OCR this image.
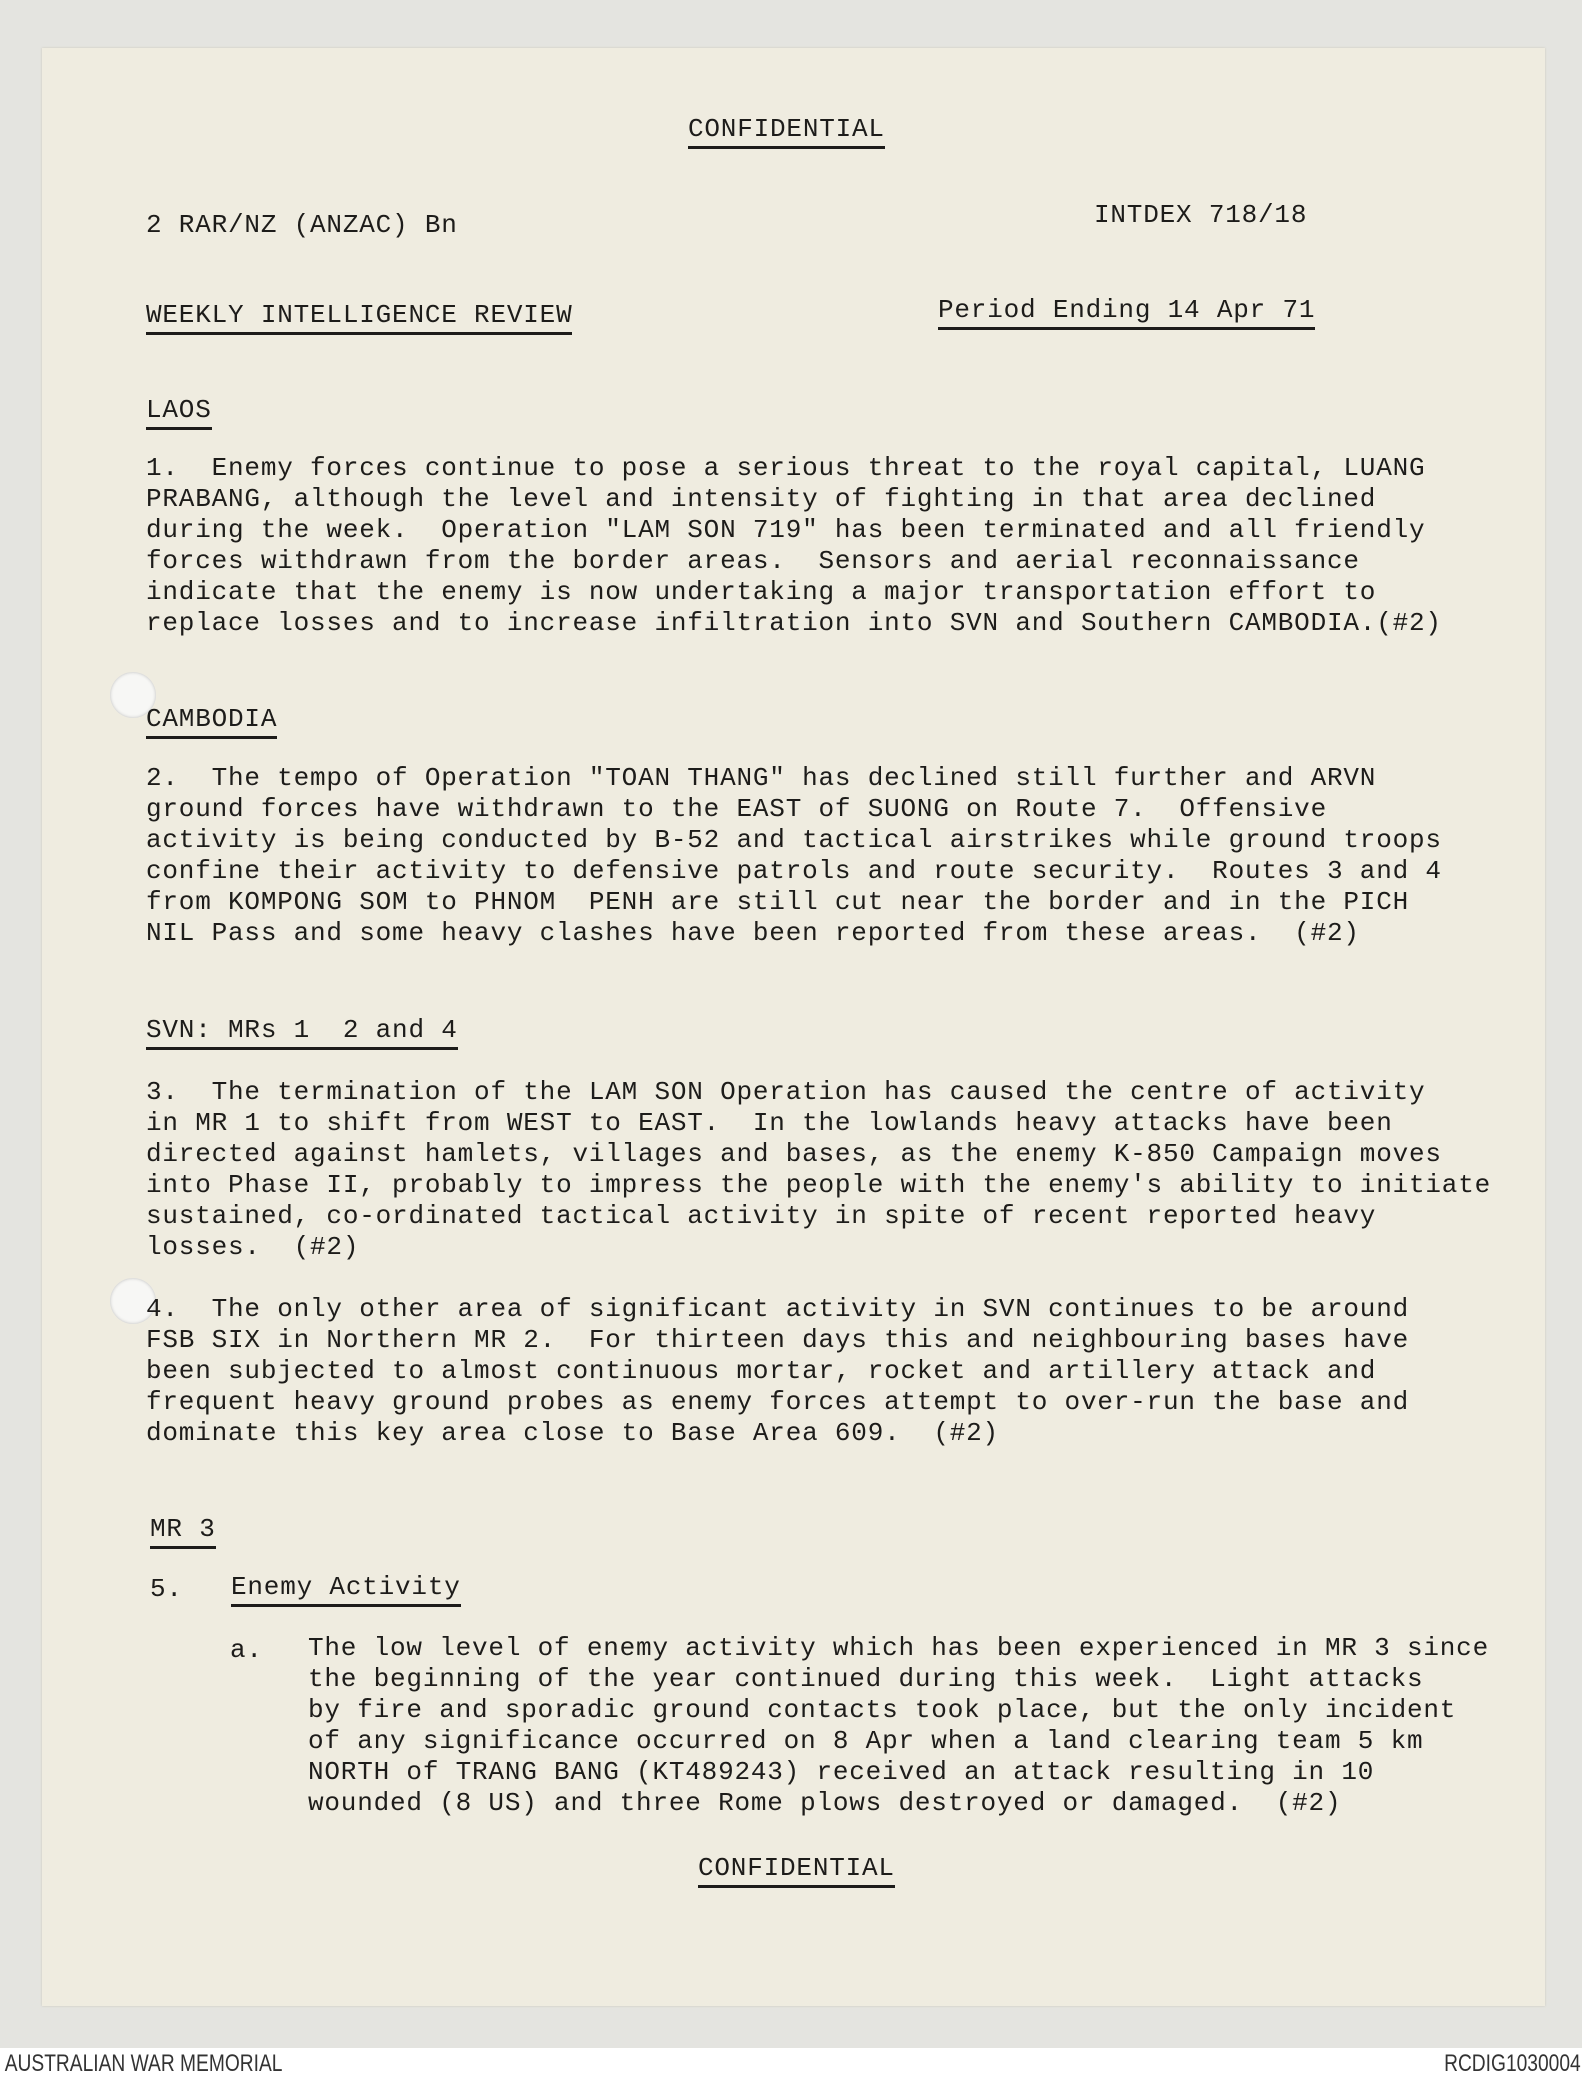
CONFIDENTIAL
2 RAR/NZ (ANZAC) Bn	INTDEX 718/18
WEEKLY INTELLIGENCE REVIEW	Period Ending 14 Apr 71
LAOS
1.  Enemy forces continue to pose a serious threat to the royal capital, LUANG
PRABANG, although the level and intensity of fighting in that area declined
during the week.  Operation "LAM SON 719" has been terminated and all friendly
forces withdrawn from the border areas.  Sensors and aerial reconnaissance
indicate that the enemy is now undertaking a major transportation effort to
replace losses and to increase infiltration into SVN and Southern CAMBODIA.(#2)
CAMBODIA
2.  The tempo of Operation "TOAN THANG" has declined still further and ARVN
ground forces have withdrawn to the EAST of SUONG on Route 7.  Offensive
activity is being conducted by B-52 and tactical airstrikes while ground troops
confine their activity to defensive patrols and route security.  Routes 3 and 4
from KOMPONG SOM to PHNOM  PENH are still cut near the border and in the PICH
NIL Pass and some heavy clashes have been reported from these areas.  (#2)
SVN: MRs 1  2 and 4
3.  The termination of the LAM SON Operation has caused the centre of activity
in MR 1 to shift from WEST to EAST.  In the lowlands heavy attacks have been
directed against hamlets, villages and bases, as the enemy K-850 Campaign moves
into Phase II, probably to impress the people with the enemy's ability to initiate
sustained, co-ordinated tactical activity in spite of recent reported heavy
losses.  (#2)
4.  The only other area of significant activity in SVN continues to be around
FSB SIX in Northern MR 2.  For thirteen days this and neighbouring bases have
been subjected to almost continuous mortar, rocket and artillery attack and
frequent heavy ground probes as enemy forces attempt to over-run the base and
dominate this key area close to Base Area 609.  (#2)
MR 3
5. Enemy Activity
a. The low level of enemy activity which has been experienced in MR 3 since
the beginning of the year continued during this week.  Light attacks
by fire and sporadic ground contacts took place, but the only incident
of any significance occurred on 8 Apr when a land clearing team 5 km
NORTH of TRANG BANG (KT489243) received an attack resulting in 10
wounded (8 US) and three Rome plows destroyed or damaged.  (#2)
CONFIDENTIAL
AUSTRALIAN WAR MEMORIAL	RCDIG1030004
